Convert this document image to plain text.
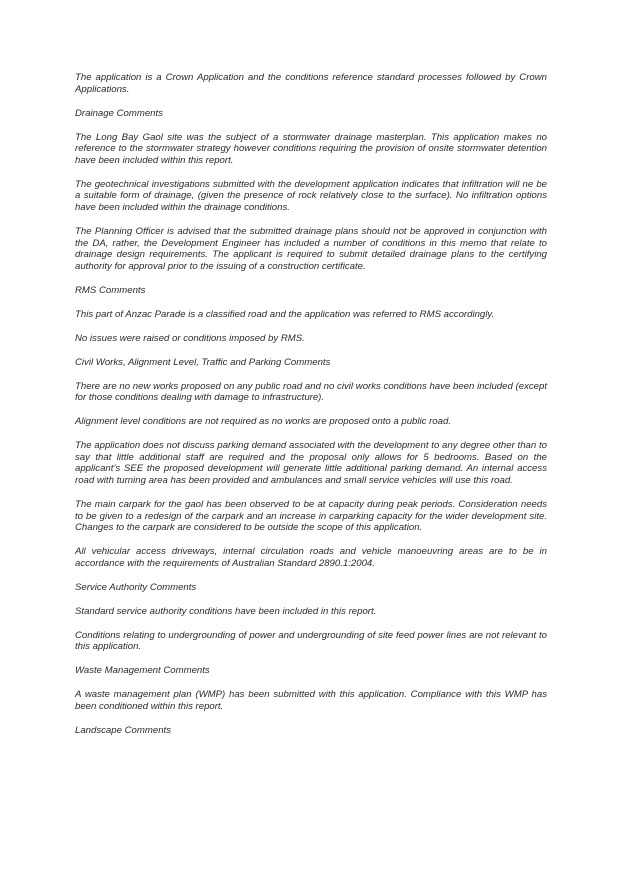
The application is a Crown Application and the conditions reference standard processes followed by Crown Applications.

Drainage Comments

The Long Bay Gaol site was the subject of a stormwater drainage masterplan. This application makes no reference to the stormwater strategy however conditions requiring the provision of onsite stormwater detention have been included within this report.

The geotechnical investigations submitted with the development application indicates that infiltration will ne be a suitable form of drainage, (given the presence of rock relatively close to the surface). No infiltration options have been included within the drainage conditions.

The Planning Officer is advised that the submitted drainage plans should not be approved in conjunction with the DA, rather, the Development Engineer has included a number of conditions in this memo that relate to drainage design requirements. The applicant is required to submit detailed drainage plans to the certifying authority for approval prior to the issuing of a construction certificate.

RMS Comments

This part of Anzac Parade is a classified road and the application was referred to RMS accordingly.

No issues were raised or conditions imposed by RMS.

Civil Works, Alignment Level, Traffic and Parking Comments

There are no new works proposed on any public road and no civil works conditions have been included (except for those conditions dealing with damage to infrastructure).

Alignment level conditions are not required as no works are proposed onto a public road.

The application does not discuss parking demand associated with the development to any degree other than to say that little additional staff are required and the proposal only allows for 5 bedrooms. Based on the applicant’s SEE the proposed development will generate little additional parking demand. An internal access road with turning area has been provided and ambulances and small service vehicles will use this road.

The main carpark for the gaol has been observed to be at capacity during peak periods. Consideration needs to be given to a redesign of the carpark and an increase in carparking capacity for the wider development site. Changes to the carpark are considered to be outside the scope of this application.

All vehicular access driveways, internal circulation roads and vehicle manoeuvring areas are to be in accordance with the requirements of Australian Standard 2890.1:2004.

Service Authority Comments

Standard service authority conditions have been included in this report.

Conditions relating to undergrounding of power and undergrounding of site feed power lines are not relevant to this application.

Waste Management Comments

A waste management plan (WMP) has been submitted with this application. Compliance with this WMP has been conditioned within this report.

Landscape Comments
